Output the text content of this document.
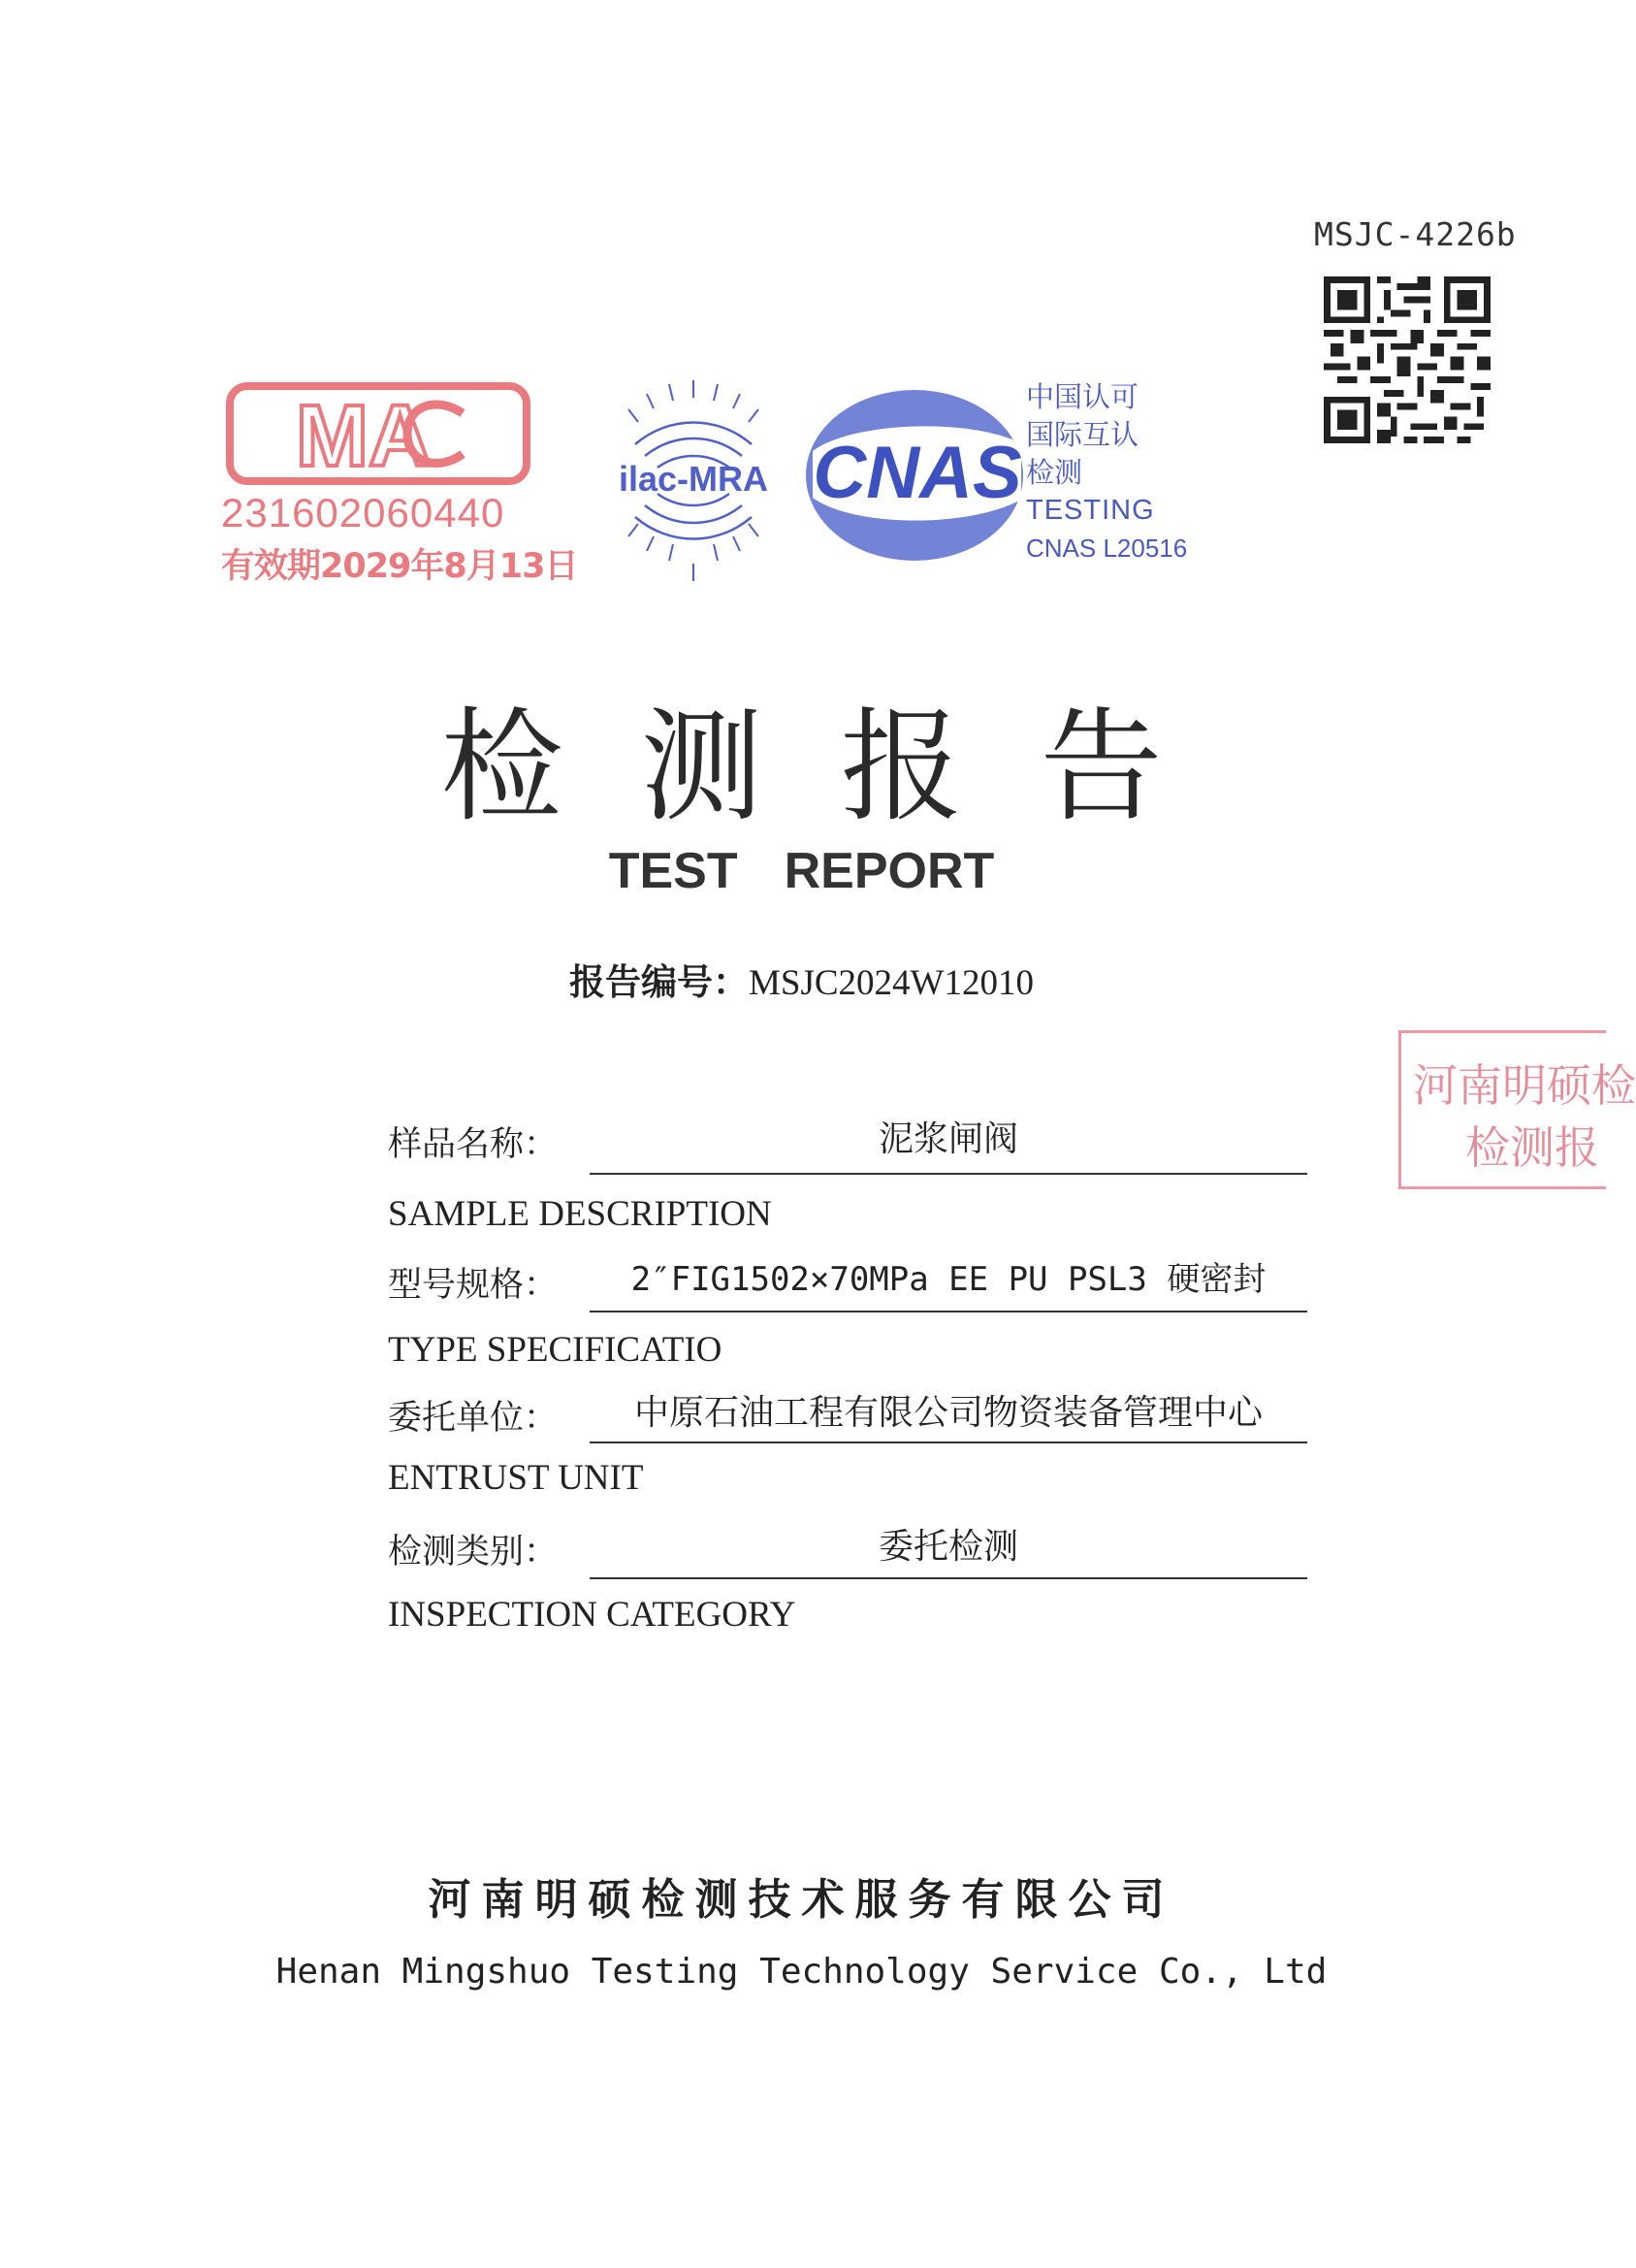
MSJC-4226b
MA
231602060440
有效期2029年8月13日
ilac-MRA CNAS
中国认可
国际互认
检测
TESTING
CNAS L20516
检测报告
TEST REPORT
报告编号：MSJC2024W12010
河南明硕检
检测报
样品名称：	泥浆闸阀
SAMPLE DESCRIPTION
型号规格：	2″FIG1502×70MPa EE PU PSL3 硬密封
TYPE SPECIFICATIO
委托单位：	中原石油工程有限公司物资装备管理中心
ENTRUST UNIT
检测类别：	委托检测
INSPECTION CATEGORY
河南明硕检测技术服务有限公司
Henan Mingshuo Testing Technology Service Co., Ltd
